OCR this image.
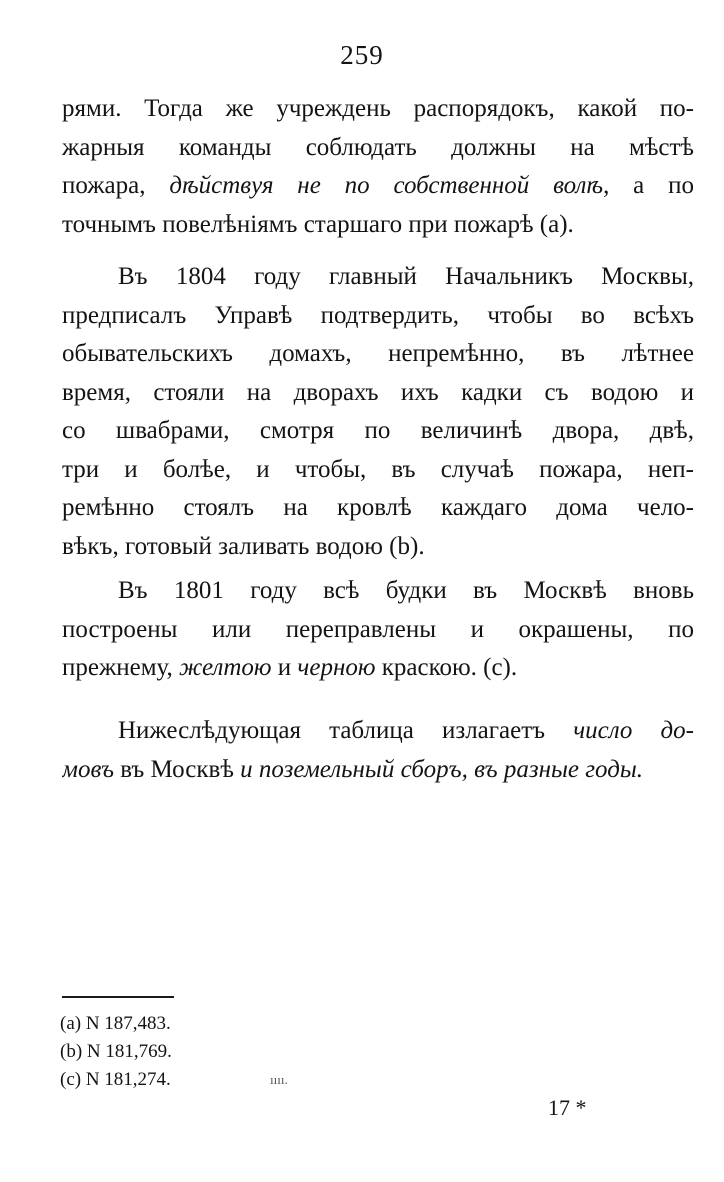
259
рями. Тогда же учреждень распорядокъ, какой по-
жарныя команды соблюдать должны на мѣстѣ
пожара, дѣйствуя не по собственной волѣ, а по
точнымъ повелѣніямъ старшаго при пожарѣ (а).
Въ 1804 году главный Начальникъ Москвы,
предписалъ Управѣ подтвердить, чтобы во всѣхъ
обывательскихъ домахъ, непремѣнно, въ лѣтнее
время, стояли на дворахъ ихъ кадки съ водою и
со швабрами, смотря по величинѣ двора, двѣ,
три и болѣе, и чтобы, въ случаѣ пожара, неп-
ремѣнно стоялъ на кровлѣ каждаго дома чело-
вѣкъ, готовый заливать водою (b).
Въ 1801 году всѣ будки въ Москвѣ вновь
построены или переправлены и окрашены, по
прежнему, желтою и черною краскою. (с).
Нижеслѣдующая таблица излагаетъ число до-
мовъ въ Москвѣ и поземельный сборъ, въ разные годы.
(a) N 187,483.
(b) N 181,769.
(c) N 181,274.	ıııı.
17 *
